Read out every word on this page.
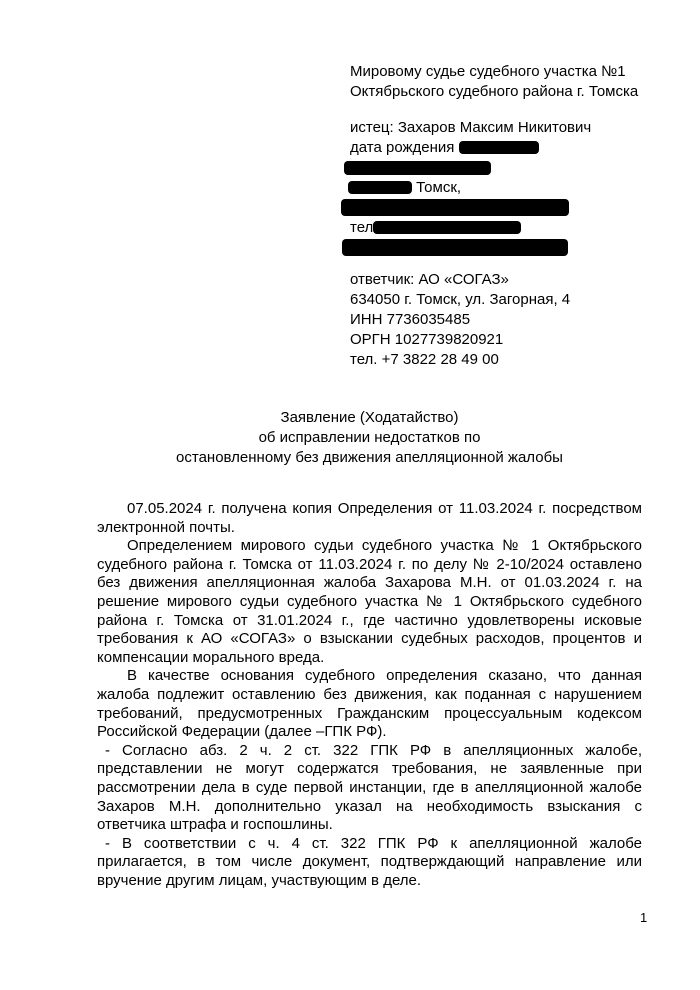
Мировому судье судебного участка №1
Октябрьского судебного района г. Томска
истец: Захаров Максим Никитович
дата рождения
Томск,
тел
ответчик: АО «СОГАЗ»
634050 г. Томск, ул. Загорная, 4
ИНН 7736035485
ОРГН 1027739820921
тел. +7 3822 28 49 00
Заявление (Ходатайство)
об исправлении недостатков по
остановленному без движения апелляционной жалобы

07.05.2024 г. получена копия Определения от 11.03.2024 г. посредством электронной почты.

Определением мирового судьи судебного участка № 1 Октябрьского судебного района г. Томска от 11.03.2024 г. по делу № 2-10/2024 оставлено без движения апелляционная жалоба Захарова М.Н. от 01.03.2024 г. на решение мирового судьи судебного участка № 1 Октябрьского судебного района г. Томска от 31.01.2024 г., где частично удовлетворены исковые требования к АО «СОГАЗ» о взыскании судебных расходов, процентов и компенсации морального вреда.

В качестве основания судебного определения сказано, что данная жалоба подлежит оставлению без движения, как поданная с нарушением требований, предусмотренных Гражданским процессуальным кодексом Российской Федерации (далее –ГПК РФ).

- Согласно абз. 2 ч. 2 ст. 322 ГПК РФ в апелляционных жалобе, представлении не могут содержатся требования, не заявленные при рассмотрении дела в суде первой инстанции, где в апелляционной жалобе Захаров М.Н. дополнительно указал на необходимость взыскания с ответчика штрафа и госпошлины.

- В соответствии с ч. 4 ст. 322 ГПК РФ к апелляционной жалобе прилагается, в том числе документ, подтверждающий направление или вручение другим лицам, участвующим в деле.

1
